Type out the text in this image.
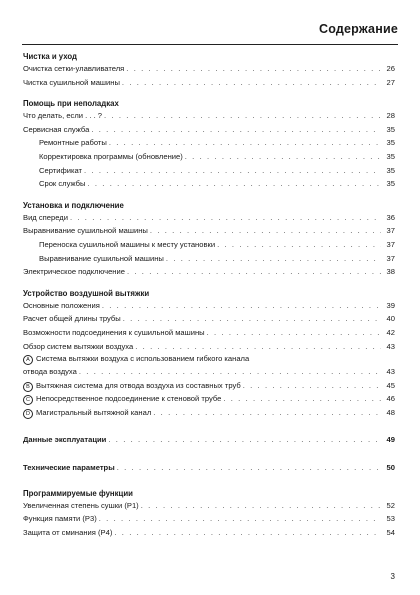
Содержание
Чистка и уход
Очистка сетки-улавливателя . . .	26
Чистка сушильной машины . . .	27
Помощь при неполадках
Что делать, если . . . ? . . .	28
Сервисная служба . . .	35
Ремонтные работы . . .	35
Корректировка программы (обновление) . . .	35
Сертификат . . .	35
Срок службы . . .	35
Установка и подключение
Вид спереди . . .	36
Выравнивание сушильной машины . . .	37
Переноска сушильной машины к месту установки . . .	37
Выравнивание сушильной машины . . .	37
Электрическое подключение . . .	38
Устройство воздушной вытяжки
Основные положения . . .	39
Расчет общей длины трубы . . .	40
Возможности подсоединения к сушильной машины . . .	42
Обзор систем вытяжки воздуха . . .	43
A Система вытяжки воздуха с использованием гибкого канала
отвода воздуха . . .	43
B Вытяжная система для отвода воздуха из составных труб . . .	45
C Непосредственное подсоединение к стеновой трубе . . .	46
D Магистральный вытяжной канал . . .	48
Данные эксплуатации . . .	49
Технические параметры . . .	50
Программируемые функции
Увеличенная степень сушки (P1) . . .	52
Функция памяти (P3) . . .	53
Защита от сминания (P4) . . .	54
3
